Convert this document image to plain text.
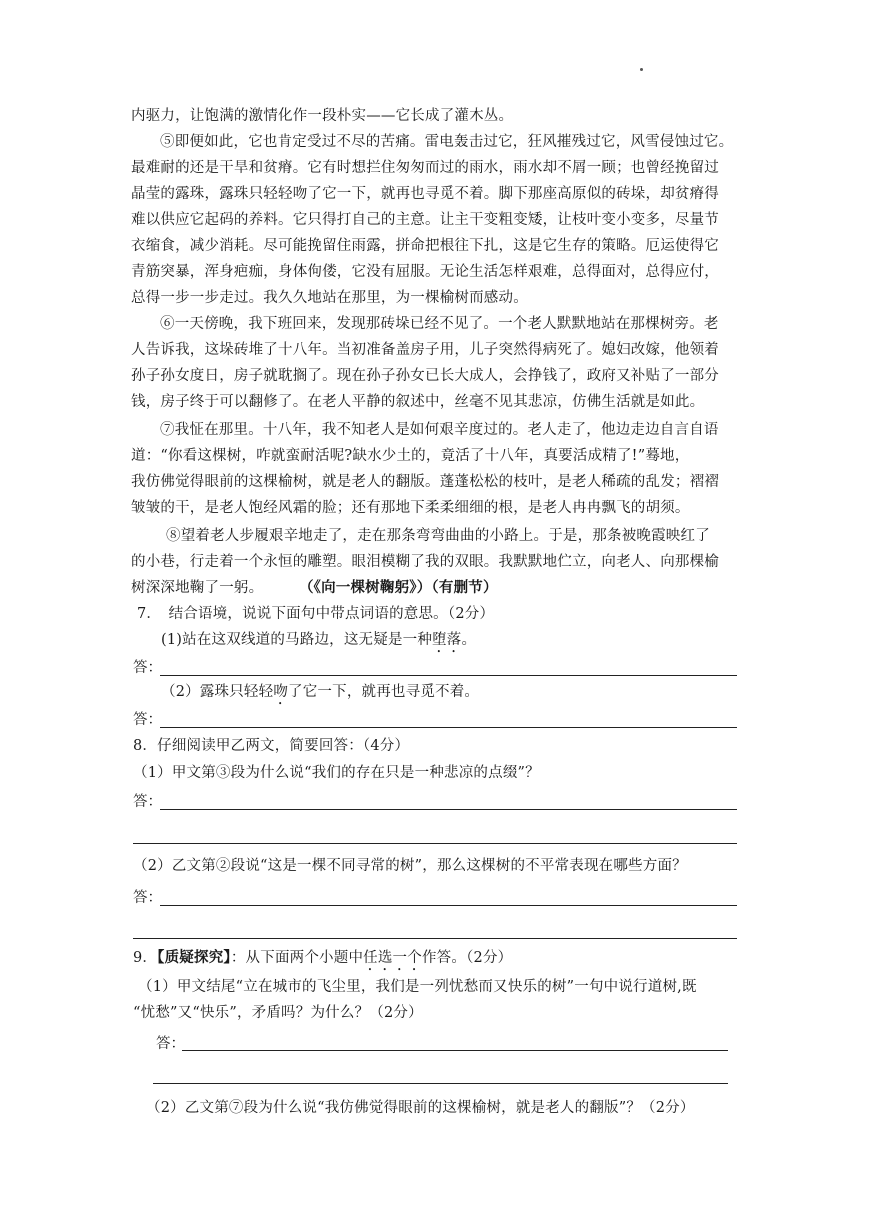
内驱力，让饱满的激情化作一段朴实——它长成了灌木丛。
⑤即便如此，它也肯定受过不尽的苦痛。雷电轰击过它，狂风摧残过它，风雪侵蚀过它。
最难耐的还是干旱和贫瘠。它有时想拦住匆匆而过的雨水，雨水却不屑一顾；也曾经挽留过
晶莹的露珠，露珠只轻轻吻了它一下，就再也寻觅不着。脚下那座高原似的砖垛，却贫瘠得
难以供应它起码的养料。它只得打自己的主意。让主干变粗变矮，让枝叶变小变多，尽量节
衣缩食，减少消耗。尽可能挽留住雨露，拼命把根往下扎，这是它生存的策略。厄运使得它
青筋突暴，浑身疤痂，身体佝偻，它没有屈服。无论生活怎样艰难，总得面对，总得应付，
总得一步一步走过。我久久地站在那里，为一棵榆树而感动。
⑥一天傍晚，我下班回来，发现那砖垛已经不见了。一个老人默默地站在那棵树旁。老
人告诉我，这垛砖堆了十八年。当初准备盖房子用，儿子突然得病死了。媳妇改嫁，他领着
孙子孙女度日，房子就耽搁了。现在孙子孙女已长大成人，会挣钱了，政府又补贴了一部分
钱，房子终于可以翻修了。在老人平静的叙述中，丝毫不见其悲凉，仿佛生活就是如此。
⑦我怔在那里。十八年，我不知老人是如何艰辛度过的。老人走了，他边走边自言自语
道：“你看这棵树，咋就蛮耐活呢?缺水少土的，竟活了十八年，真要活成精了!”蓦地，
我仿佛觉得眼前的这棵榆树，就是老人的翻版。蓬蓬松松的枝叶，是老人稀疏的乱发；褶褶
皱皱的干，是老人饱经风霜的脸；还有那地下柔柔细细的根，是老人冉冉飘飞的胡须。
⑧望着老人步履艰辛地走了，走在那条弯弯曲曲的小路上。于是，那条被晚霞映红了
的小巷，行走着一个永恒的雕塑。眼泪模糊了我的双眼。我默默地伫立，向老人、向那棵榆
树深深地鞠了一躬。 （《向一棵树鞠躬》）（有删节）
7．　结合语境，说说下面句中带点词语的意思。（2分）
(1)站在这双线道的马路边，这无疑是一种堕落。
答：
（2）露珠只轻轻吻了它一下，就再也寻觅不着。
答：
8．仔细阅读甲乙两文，简要回答：（4分）
（1）甲文第③段为什么说“我们的存在只是一种悲凉的点缀”？
答：
（2）乙文第②段说“这是一棵不同寻常的树”，那么这棵树的不平常表现在哪些方面？
答：
9．【质疑探究】：从下面两个小题中任选一个作答。（2分）
（1）甲文结尾“立在城市的飞尘里，我们是一列忧愁而又快乐的树”一句中说行道树,既
“忧愁”又“快乐”，矛盾吗？为什么？（2分）
答：
（2）乙文第⑦段为什么说“我仿佛觉得眼前的这棵榆树，就是老人的翻版”？（2分）
